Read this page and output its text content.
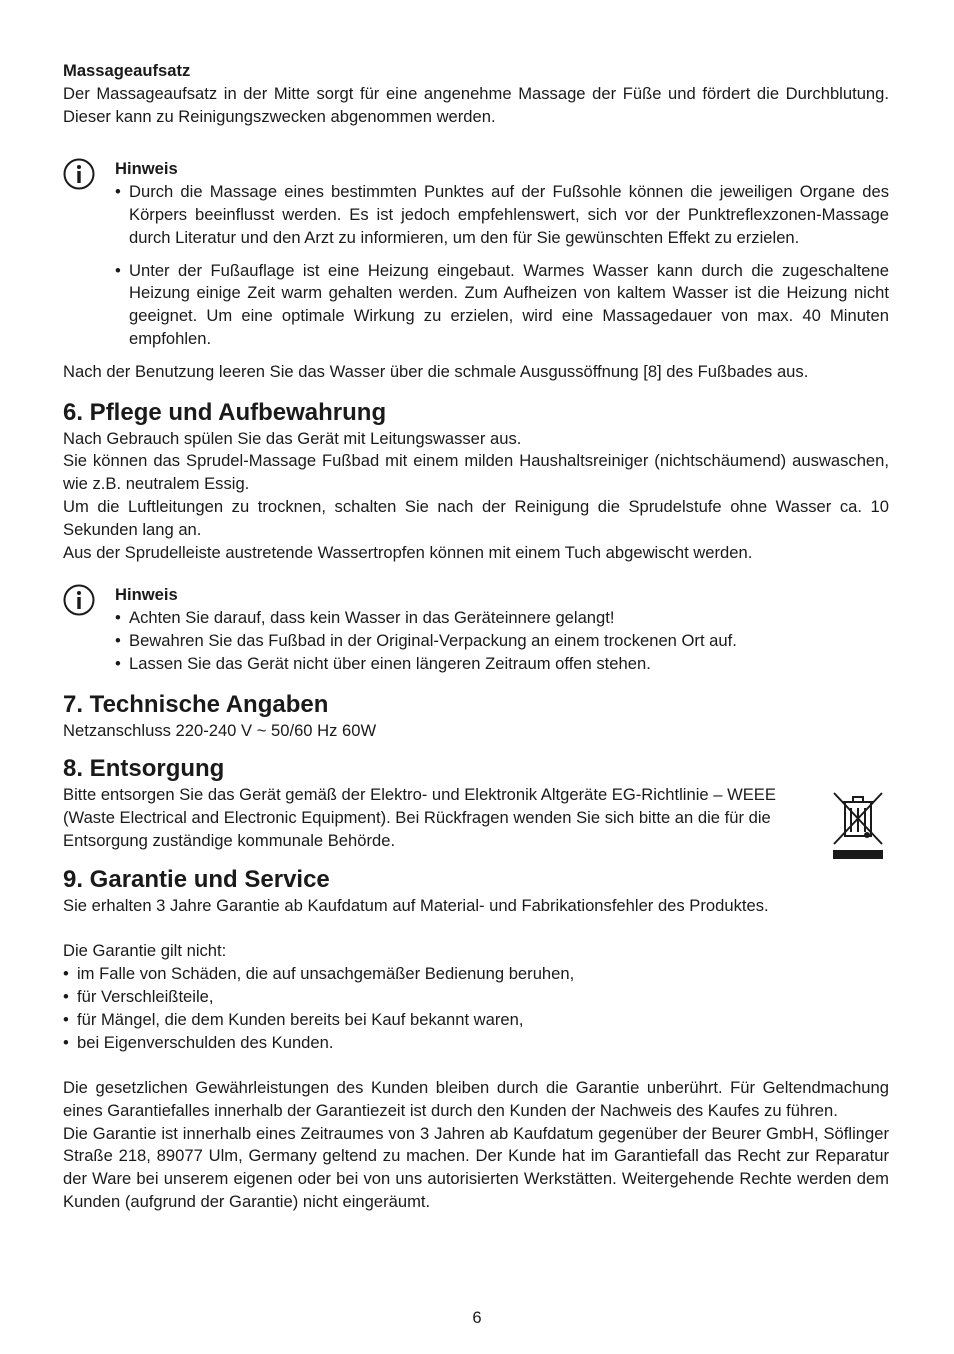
Massageaufsatz

Der Massageaufsatz in der Mitte sorgt für eine angenehme Massage der Füße und fördert die Durchblutung. Dieser kann zu Reinigungszwecken abgenommen werden.

Hinweis
• Durch die Massage eines bestimmten Punktes auf der Fußsohle können die jeweiligen Organe des Körpers beeinflusst werden. Es ist jedoch empfehlenswert, sich vor der Punktreflexzonen-Massage durch Literatur und den Arzt zu informieren, um den für Sie gewünschten Effekt zu erzielen.
• Unter der Fußauflage ist eine Heizung eingebaut. Warmes Wasser kann durch die zugeschaltene Heizung einige Zeit warm gehalten werden. Zum Aufheizen von kaltem Wasser ist die Heizung nicht geeignet. Um eine optimale Wirkung zu erzielen, wird eine Massagedauer von max. 40 Minuten empfohlen.

Nach der Benutzung leeren Sie das Wasser über die schmale Ausgussöffnung [8] des Fußbades aus.

6. Pflege und Aufbewahrung

Nach Gebrauch spülen Sie das Gerät mit Leitungswasser aus.

Sie können das Sprudel-Massage Fußbad mit einem milden Haushaltsreiniger (nichtschäumend) auswaschen, wie z.B. neutralem Essig.

Um die Luftleitungen zu trocknen, schalten Sie nach der Reinigung die Sprudelstufe ohne Wasser ca. 10 Sekunden lang an.

Aus der Sprudelleiste austretende Wassertropfen können mit einem Tuch abgewischt werden.

Hinweis
• Achten Sie darauf, dass kein Wasser in das Geräteinnere gelangt!
• Bewahren Sie das Fußbad in der Original-Verpackung an einem trockenen Ort auf.
• Lassen Sie das Gerät nicht über einen längeren Zeitraum offen stehen.
7. Technische Angaben

Netzanschluss 220-240 V ~ 50/60 Hz 60W

8. Entsorgung

Bitte entsorgen Sie das Gerät gemäß der Elektro- und Elektronik Altgeräte EG-Richtlinie – WEEE (Waste Electrical and Electronic Equipment). Bei Rückfragen wenden Sie sich bitte an die für die Entsorgung zuständige kommunale Behörde.

9. Garantie und Service

Sie erhalten 3 Jahre Garantie ab Kaufdatum auf Material- und Fabrikationsfehler des Produktes.

Die Garantie gilt nicht:

• im Falle von Schäden, die auf unsachgemäßer Bedienung beruhen,
• für Verschleißteile,
• für Mängel, die dem Kunden bereits bei Kauf bekannt waren,
• bei Eigenverschulden des Kunden.

Die gesetzlichen Gewährleistungen des Kunden bleiben durch die Garantie unberührt. Für Geltendmachung eines Garantiefalles innerhalb der Garantiezeit ist durch den Kunden der Nachweis des Kaufes zu führen.

Die Garantie ist innerhalb eines Zeitraumes von 3 Jahren ab Kaufdatum gegenüber der Beurer GmbH, Söflinger Straße 218, 89077 Ulm, Germany geltend zu machen. Der Kunde hat im Garantiefall das Recht zur Reparatur der Ware bei unserem eigenen oder bei von uns autorisierten Werkstätten. Weitergehende Rechte werden dem Kunden (aufgrund der Garantie) nicht eingeräumt.

6
